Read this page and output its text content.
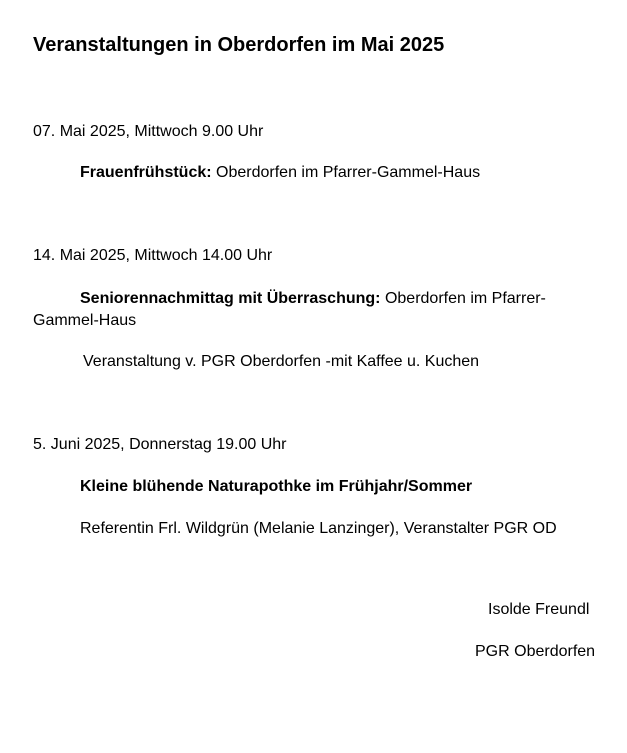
Veranstaltungen in Oberdorfen im Mai 2025
07. Mai 2025, Mittwoch 9.00 Uhr
Frauenfrühstück: Oberdorfen im Pfarrer-Gammel-Haus
14. Mai 2025, Mittwoch 14.00 Uhr
Seniorennachmittag mit Überraschung: Oberdorfen im Pfarrer-Gammel-Haus
Veranstaltung v. PGR Oberdorfen -mit Kaffee u. Kuchen
5. Juni 2025, Donnerstag 19.00 Uhr
Kleine blühende Naturapothke im Frühjahr/Sommer
Referentin Frl. Wildgrün (Melanie Lanzinger), Veranstalter PGR OD
Isolde Freundl
PGR Oberdorfen
